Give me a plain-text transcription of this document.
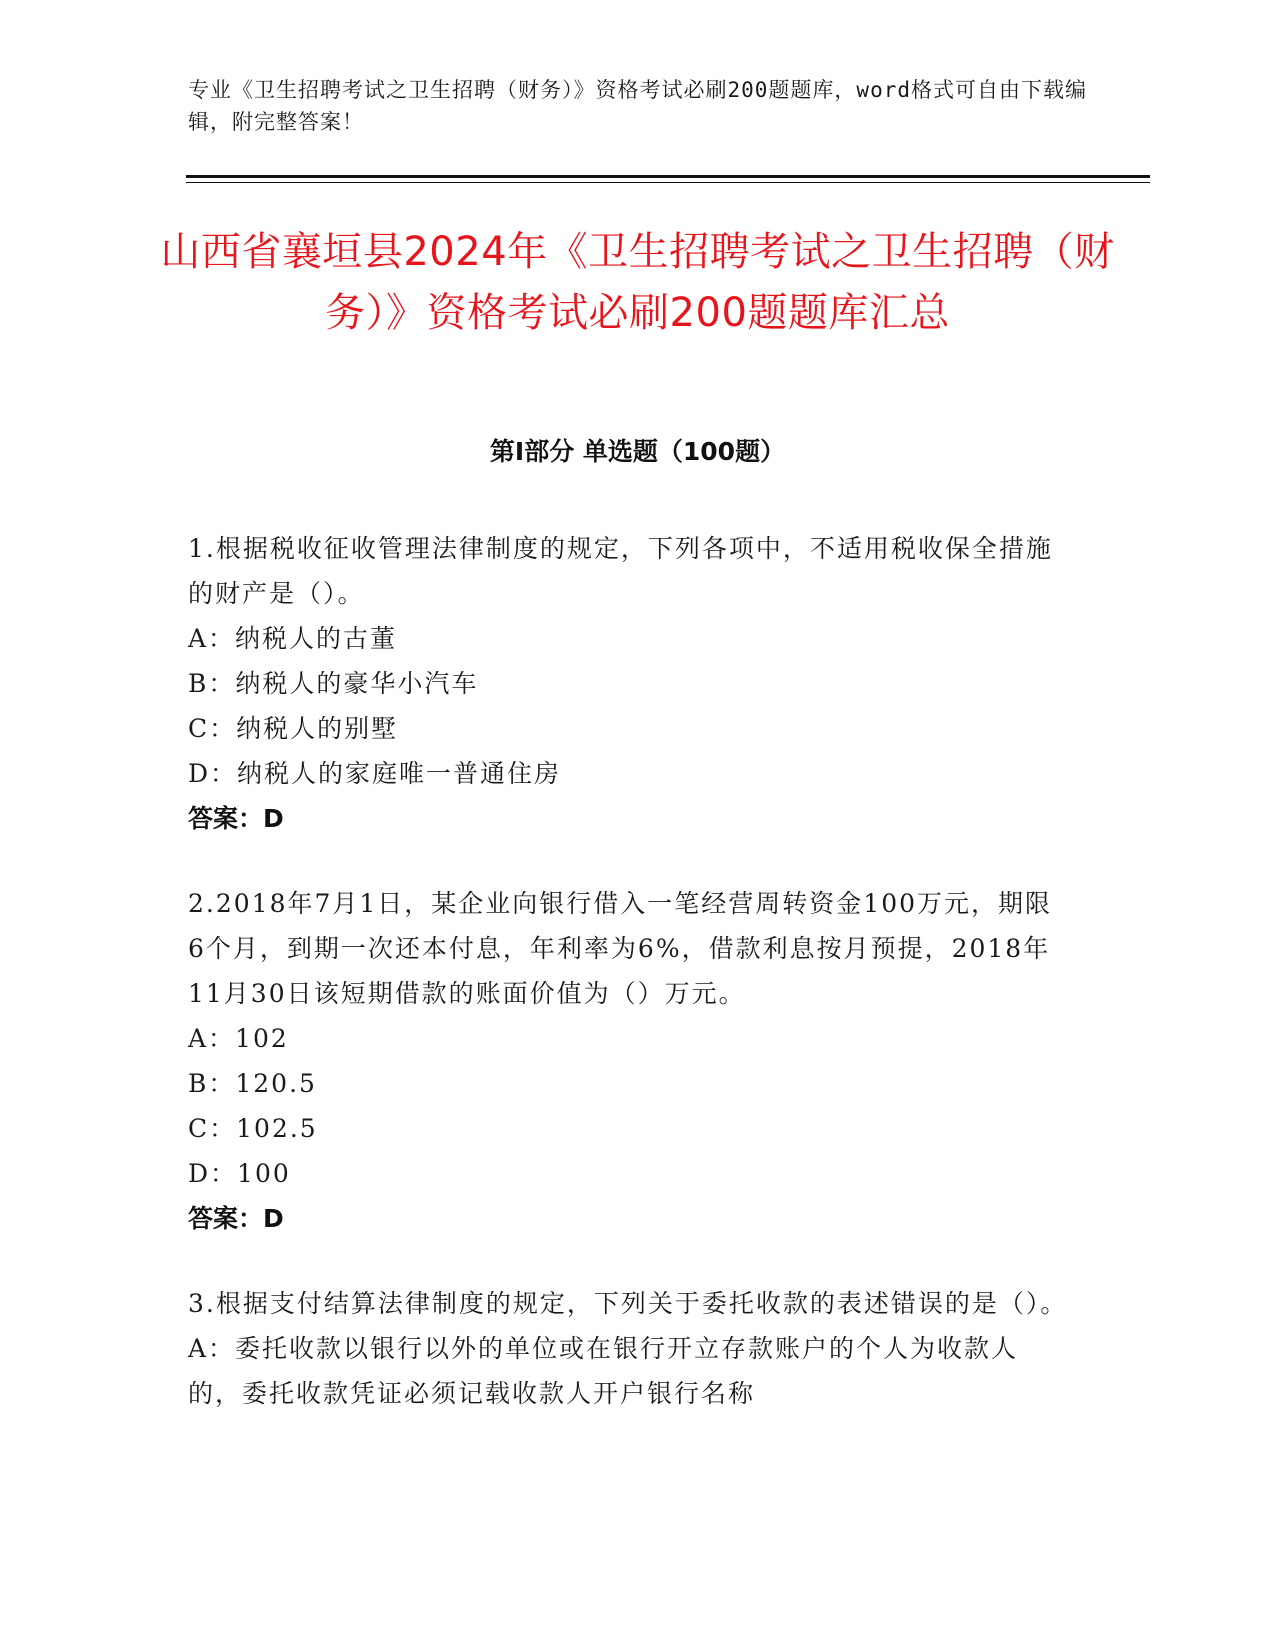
专业《卫生招聘考试之卫生招聘（财务）》资格考试必刷200题题库，word格式可自由下载编辑，附完整答案！
山西省襄垣县2024年《卫生招聘考试之卫生招聘（财务）》资格考试必刷200题题库汇总
第Ⅰ部分 单选题（100题）
1.根据税收征收管理法律制度的规定，下列各项中，不适用税收保全措施的财产是（）。
A：纳税人的古董
B：纳税人的豪华小汽车
C：纳税人的别墅
D：纳税人的家庭唯一普通住房
答案：D
2.2018年7月1日，某企业向银行借入一笔经营周转资金100万元，期限6个月，到期一次还本付息，年利率为6%，借款利息按月预提，2018年11月30日该短期借款的账面价值为（）万元。
A：102
B：120.5
C：102.5
D：100
答案：D
3.根据支付结算法律制度的规定，下列关于委托收款的表述错误的是（）。
A：委托收款以银行以外的单位或在银行开立存款账户的个人为收款人的，委托收款凭证必须记载收款人开户银行名称
